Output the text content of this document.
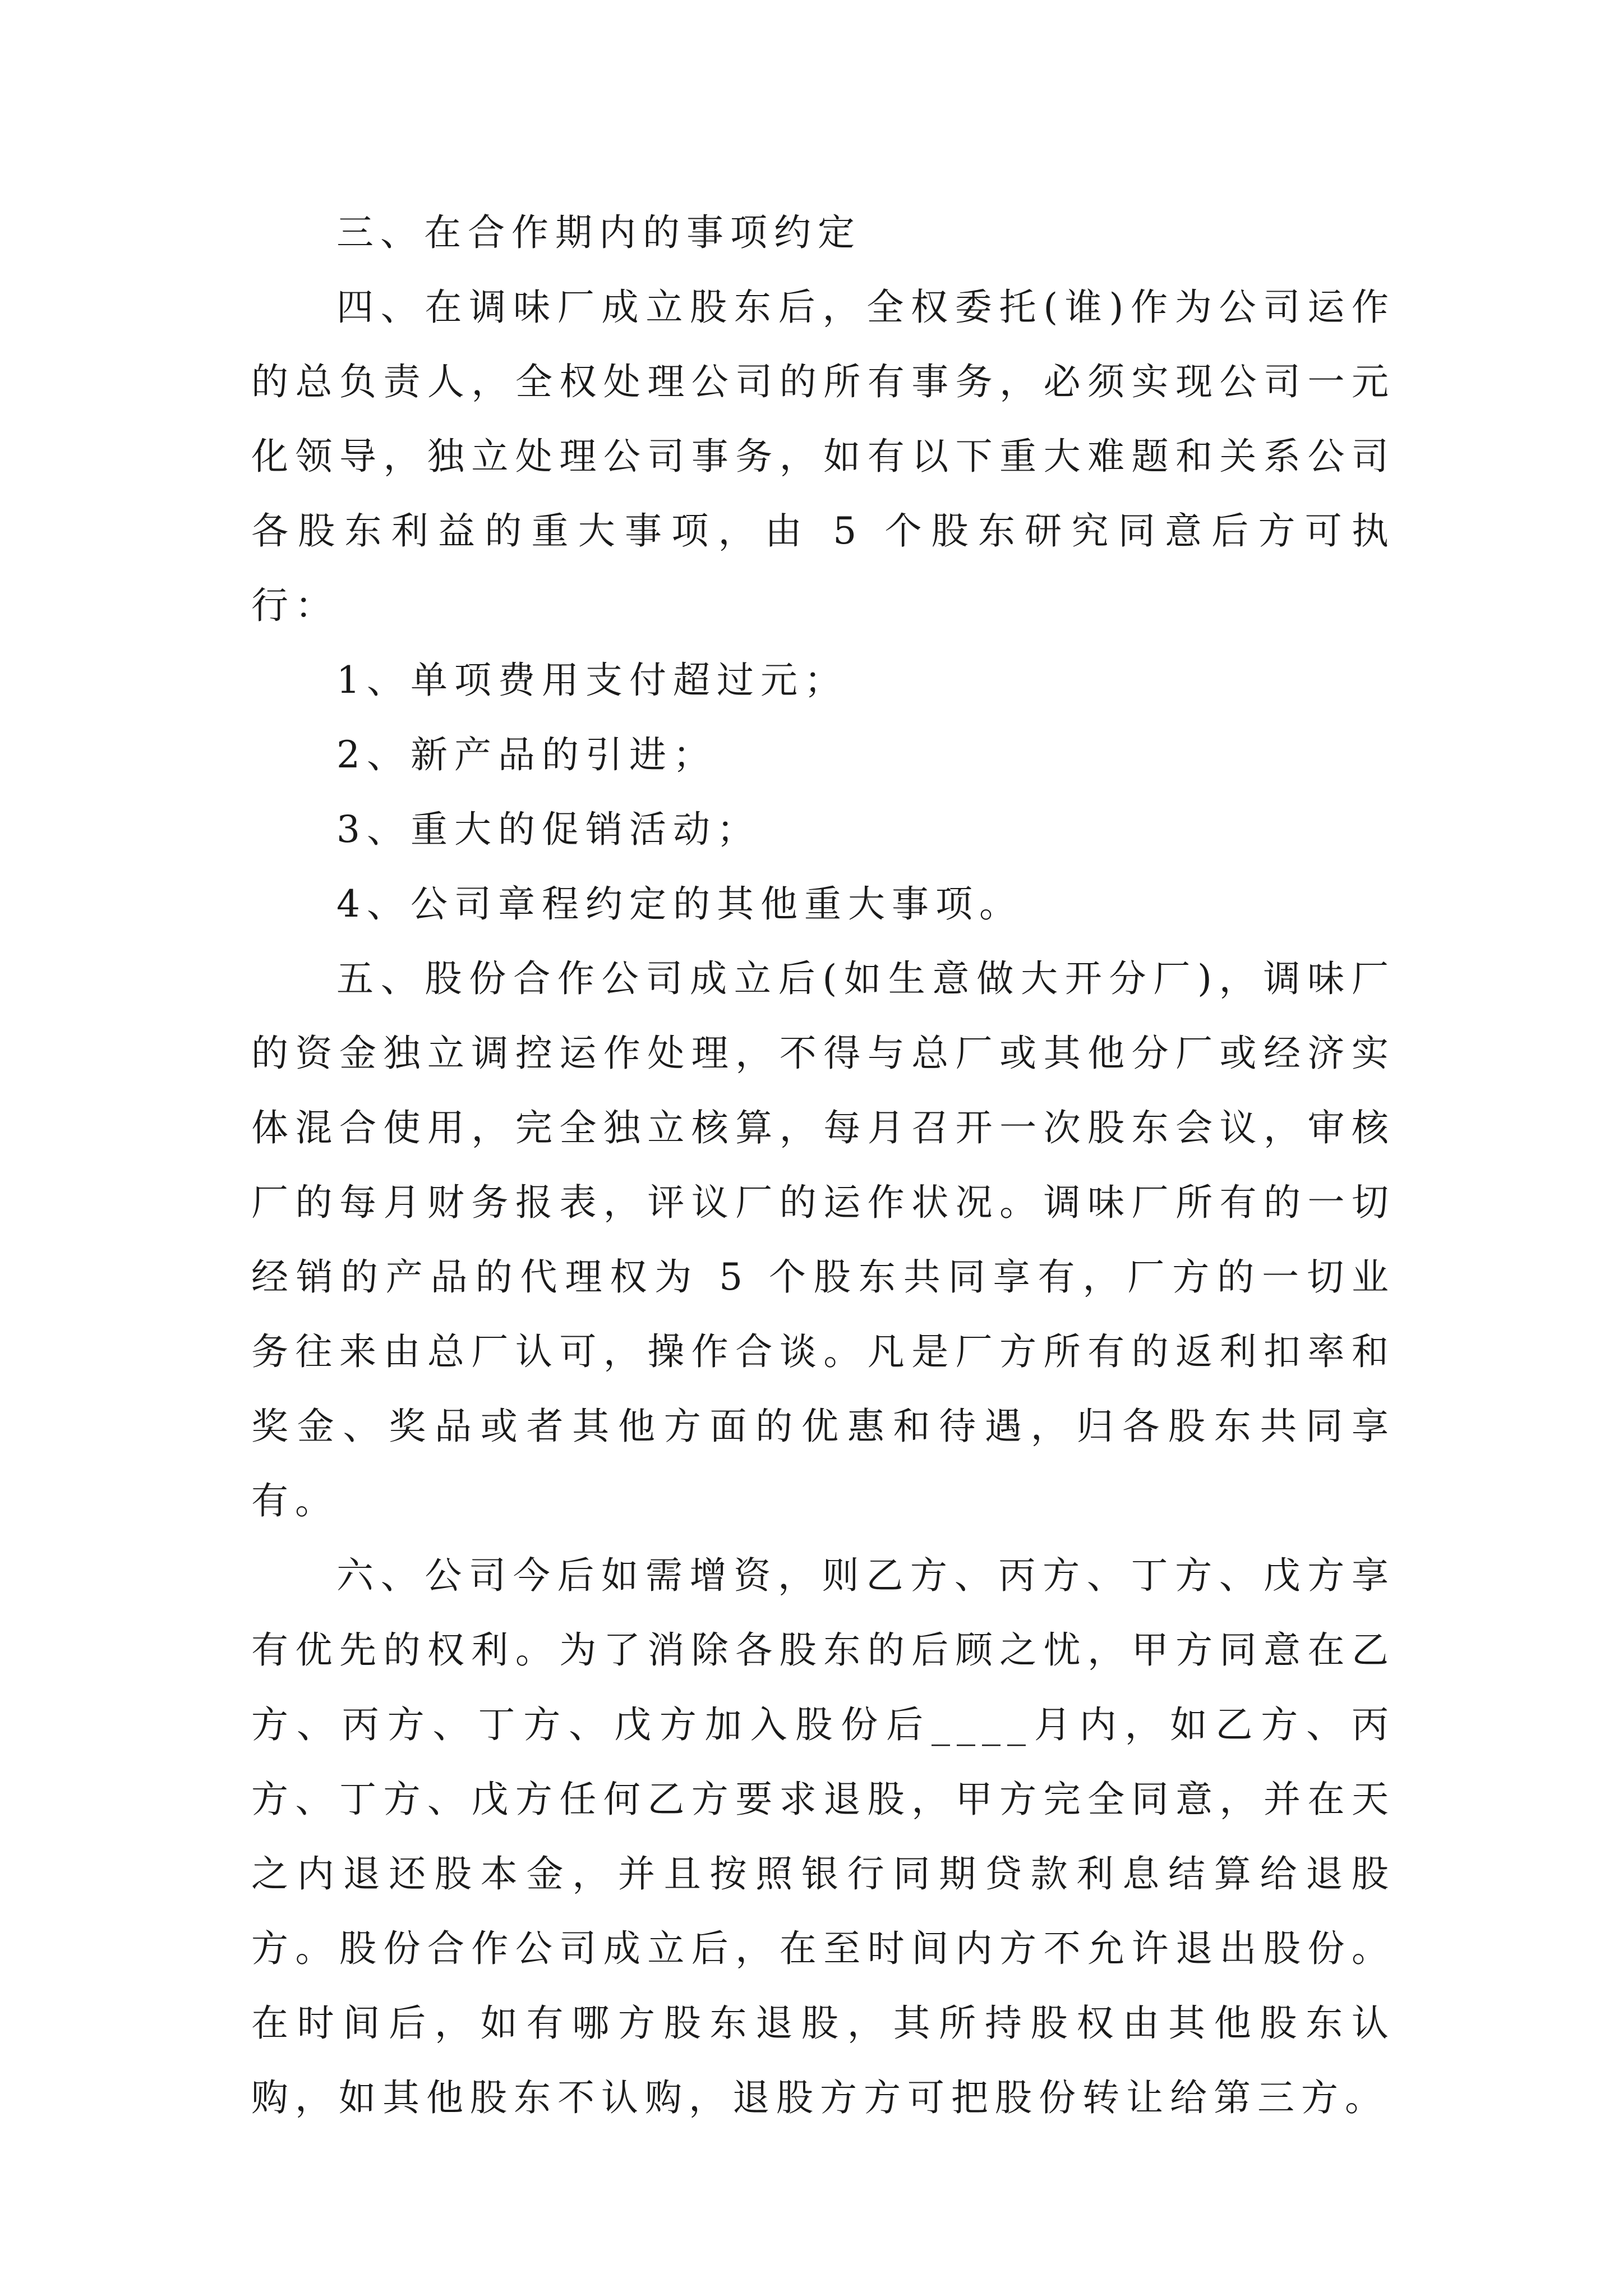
三、在合作期内的事项约定

四、在调味厂成立股东后，全权委托(谁)作为公司运作的总负责人，全权处理公司的所有事务，必须实现公司一元化领导，独立处理公司事务，如有以下重大难题和关系公司各股东利益的重大事项，由 5 个股东研究同意后方可执行：

1、单项费用支付超过元；

2、新产品的引进；

3、重大的促销活动；

4、公司章程约定的其他重大事项。

五、股份合作公司成立后(如生意做大开分厂)，调味厂的资金独立调控运作处理，不得与总厂或其他分厂或经济实体混合使用，完全独立核算，每月召开一次股东会议，审核厂的每月财务报表，评议厂的运作状况。调味厂所有的一切经销的产品的代理权为 5 个股东共同享有，厂方的一切业务往来由总厂认可，操作合谈。凡是厂方所有的返利扣率和奖金、奖品或者其他方面的优惠和待遇，归各股东共同享有。

六、公司今后如需增资，则乙方、丙方、丁方、戊方享有优先的权利。为了消除各股东的后顾之忧，甲方同意在乙方、丙方、丁方、戊方加入股份后____月内，如乙方、丙方、丁方、戊方任何乙方要求退股，甲方完全同意，并在天之内退还股本金，并且按照银行同期贷款利息结算给退股方。股份合作公司成立后，在至时间内方不允许退出股份。在时间后，如有哪方股东退股，其所持股权由其他股东认购，如其他股东不认购，退股方方可把股份转让给第三方。
